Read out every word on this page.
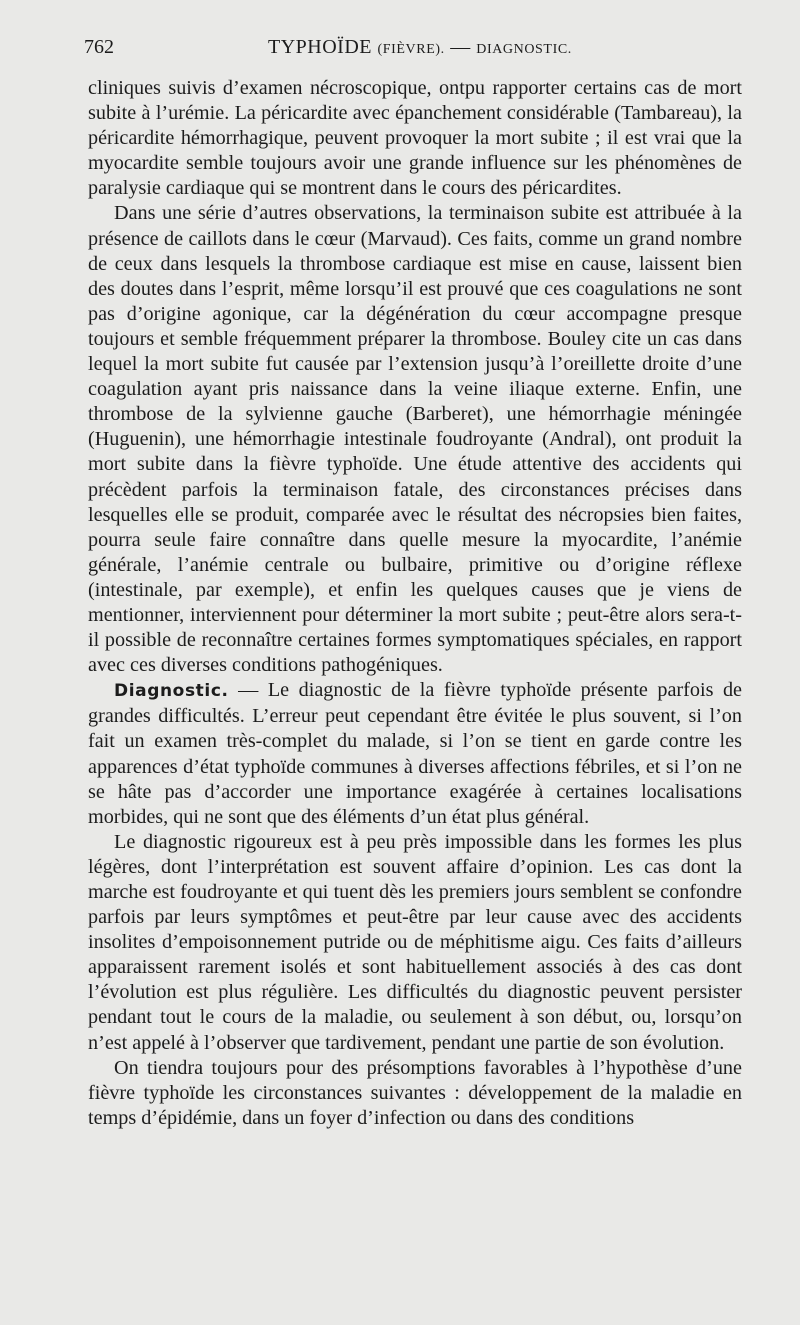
762	TYPHOÏDE (FIÈVRE). — DIAGNOSTIC.

cliniques suivis d’examen nécroscopique, ontpu rapporter certains cas de mort subite à l’urémie. La péricardite avec épanchement considérable (Tambareau), la péricardite hémorrhagique, peuvent provoquer la mort subite ; il est vrai que la myocardite semble toujours avoir une grande influence sur les phénomènes de paralysie cardiaque qui se montrent dans le cours des péricardites.

Dans une série d’autres observations, la terminaison subite est attribuée à la présence de caillots dans le cœur (Marvaud). Ces faits, comme un grand nombre de ceux dans lesquels la thrombose cardiaque est mise en cause, laissent bien des doutes dans l’esprit, même lorsqu’il est prouvé que ces coagulations ne sont pas d’origine agonique, car la dégénération du cœur accompagne presque toujours et semble fréquemment préparer la thrombose. Bouley cite un cas dans lequel la mort subite fut causée par l’extension jusqu’à l’oreillette droite d’une coagulation ayant pris naissance dans la veine iliaque externe. Enfin, une thrombose de la sylvienne gauche (Barberet), une hémorrhagie méningée (Huguenin), une hémorrhagie intestinale foudroyante (Andral), ont produit la mort subite dans la fièvre typhoïde. Une étude attentive des accidents qui précèdent parfois la terminaison fatale, des circonstances précises dans lesquelles elle se produit, comparée avec le résultat des nécropsies bien faites, pourra seule faire connaître dans quelle mesure la myocardite, l’anémie générale, l’anémie centrale ou bulbaire, primitive ou d’origine réflexe (intestinale, par exemple), et enfin les quelques causes que je viens de mentionner, interviennent pour déterminer la mort subite ; peut-être alors sera-t-il possible de reconnaître certaines formes symptomatiques spéciales, en rapport avec ces diverses conditions pathogéniques.

Diagnostic. — Le diagnostic de la fièvre typhoïde présente parfois de grandes difficultés. L’erreur peut cependant être évitée le plus souvent, si l’on fait un examen très-complet du malade, si l’on se tient en garde contre les apparences d’état typhoïde communes à diverses affections fébriles, et si l’on ne se hâte pas d’accorder une importance exagérée à certaines localisations morbides, qui ne sont que des éléments d’un état plus général.

Le diagnostic rigoureux est à peu près impossible dans les formes les plus légères, dont l’interprétation est souvent affaire d’opinion. Les cas dont la marche est foudroyante et qui tuent dès les premiers jours semblent se confondre parfois par leurs symptômes et peut-être par leur cause avec des accidents insolites d’empoisonnement putride ou de méphitisme aigu. Ces faits d’ailleurs apparaissent rarement isolés et sont habituellement associés à des cas dont l’évolution est plus régulière. Les difficultés du diagnostic peuvent persister pendant tout le cours de la maladie, ou seulement à son début, ou, lorsqu’on n’est appelé à l’observer que tardivement, pendant une partie de son évolution.

On tiendra toujours pour des présomptions favorables à l’hypothèse d’une fièvre typhoïde les circonstances suivantes : développement de la maladie en temps d’épidémie, dans un foyer d’infection ou dans des conditions
